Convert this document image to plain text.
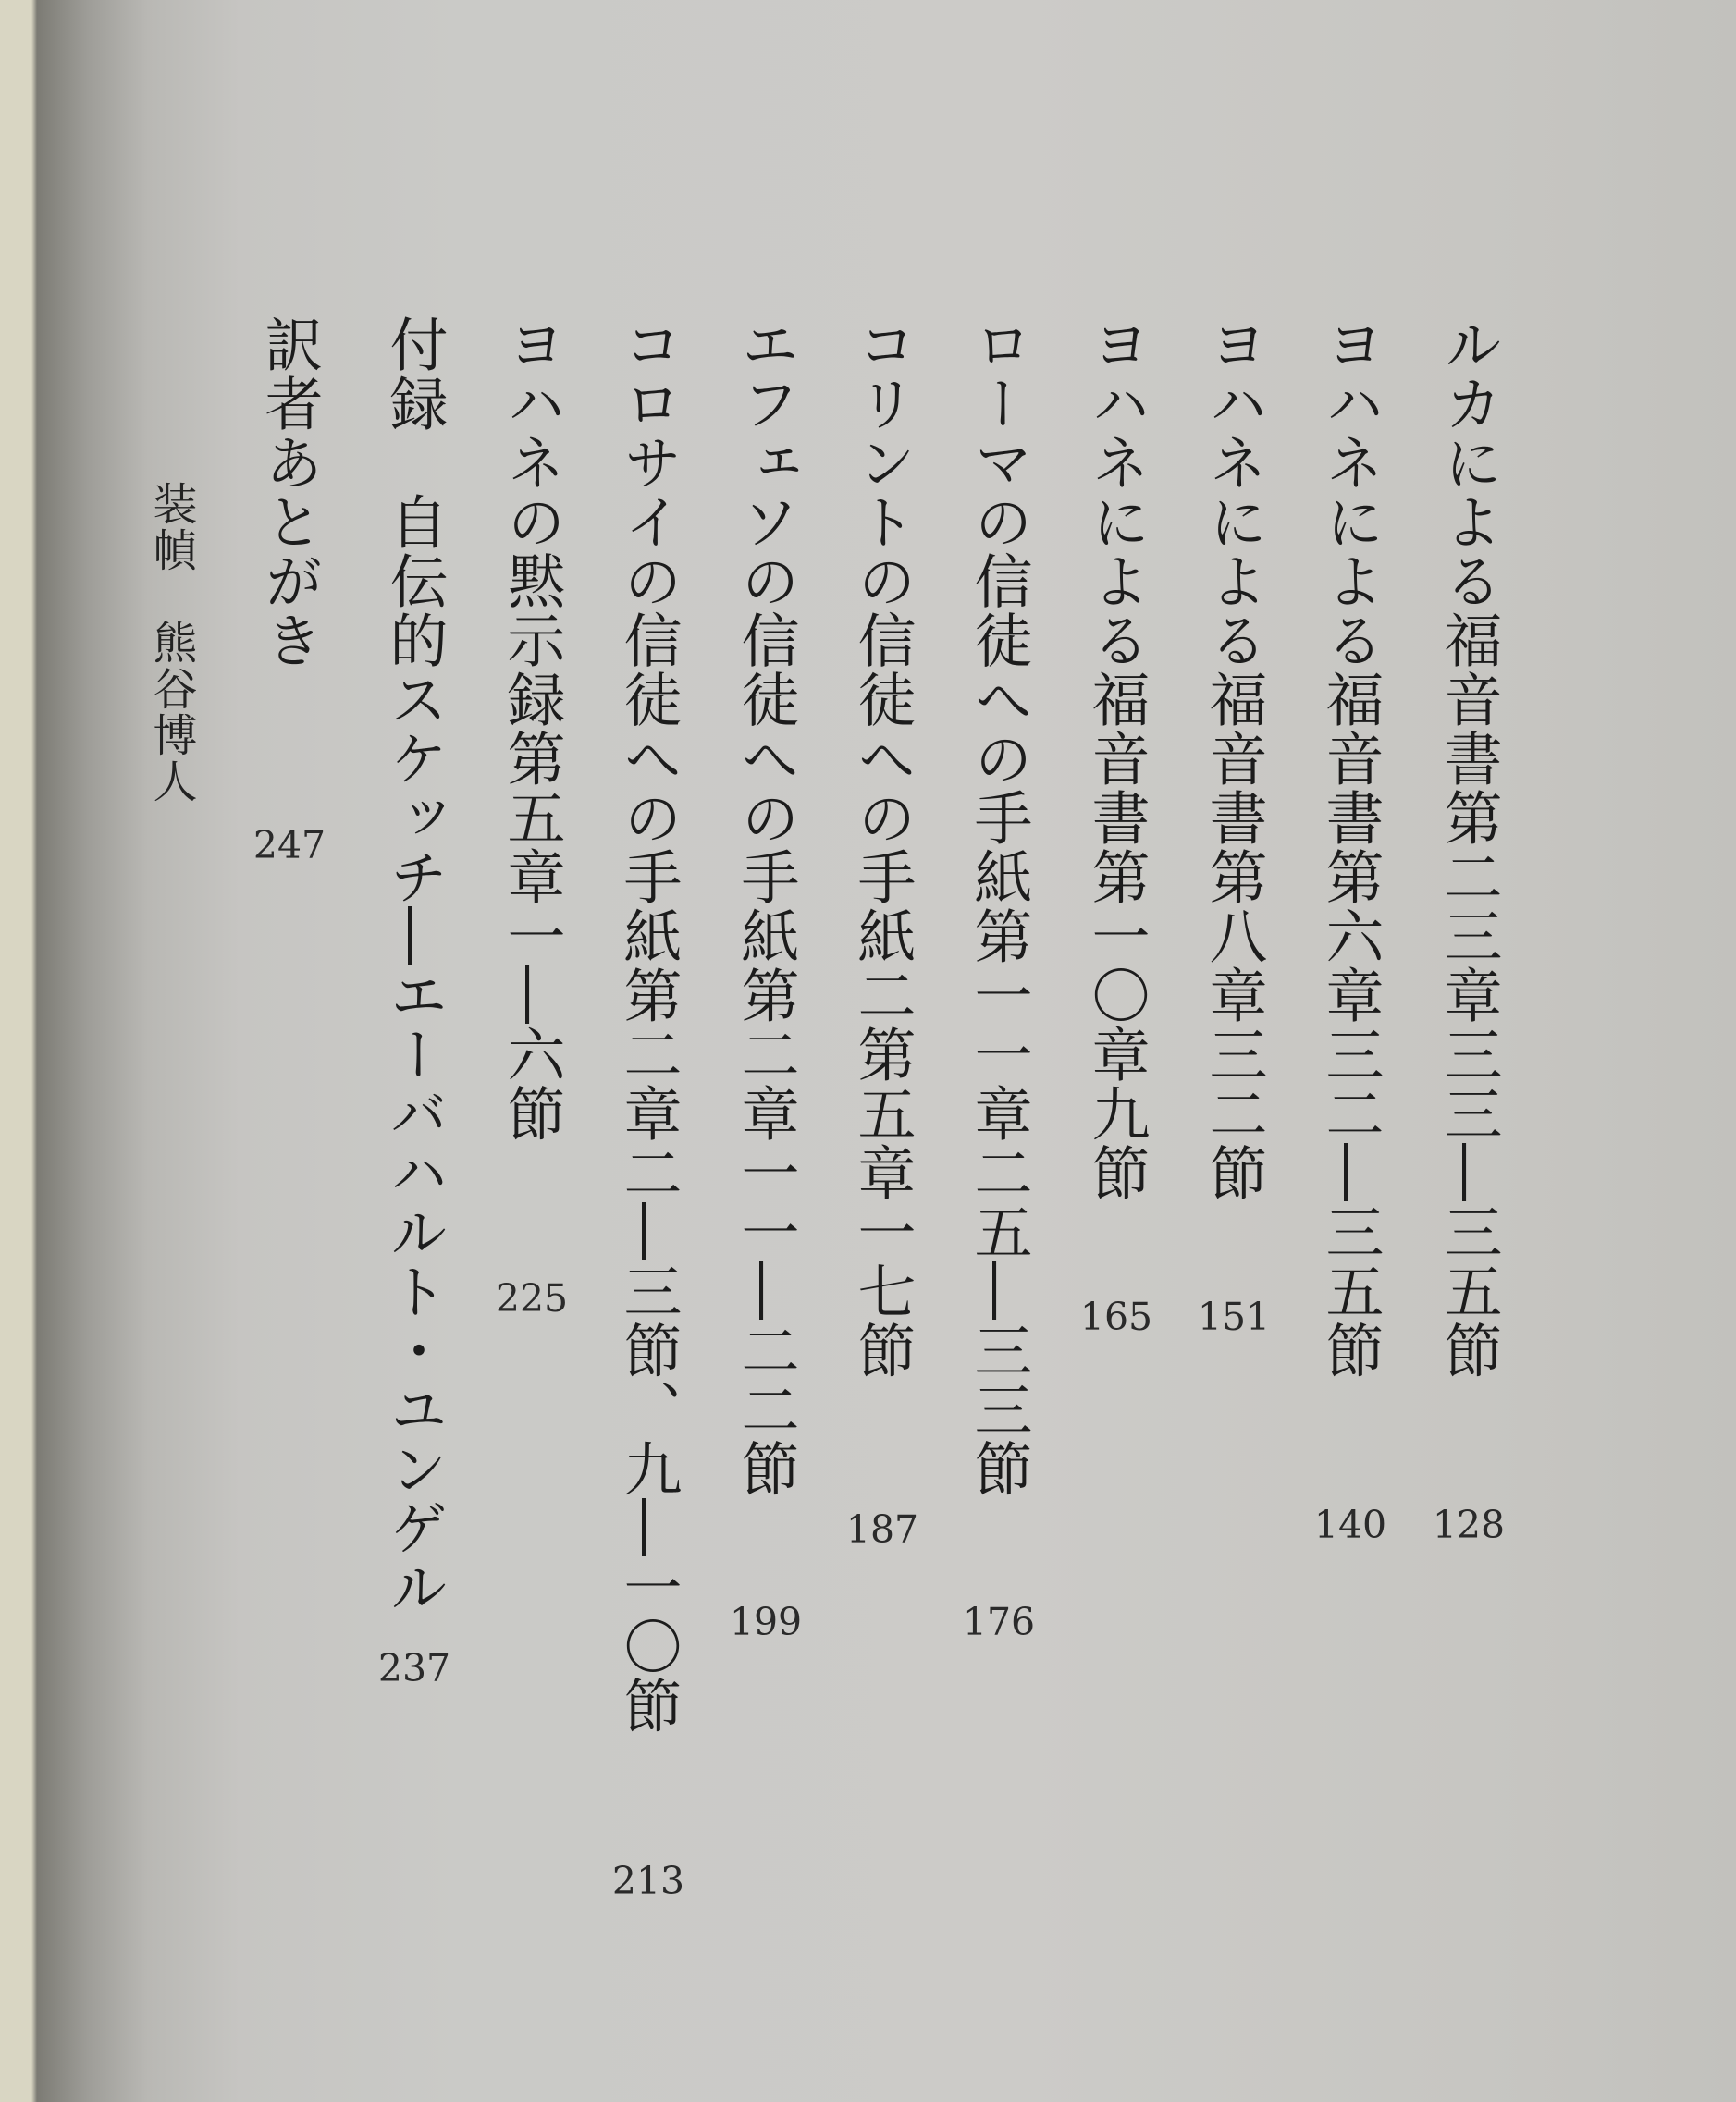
ルカによる福音書第二三章三三―三五節
128
ヨハネによる福音書第六章三二―三五節
140
ヨハネによる福音書第八章三二節
151
ヨハネによる福音書第一〇章九節
165
ローマの信徒への手紙第一一章二五―三三節
176
コリントの信徒への手紙二第五章一七節
187
エフェソの信徒への手紙第二章一一―二二節
199
コロサイの信徒への手紙第二章二―三節、九―一〇節
213
ヨハネの黙示録第五章一―六節
225
付録　自伝的スケッチ―エーバハルト・ユンゲル
237
訳者あとがき
247
装幀　熊谷博人
